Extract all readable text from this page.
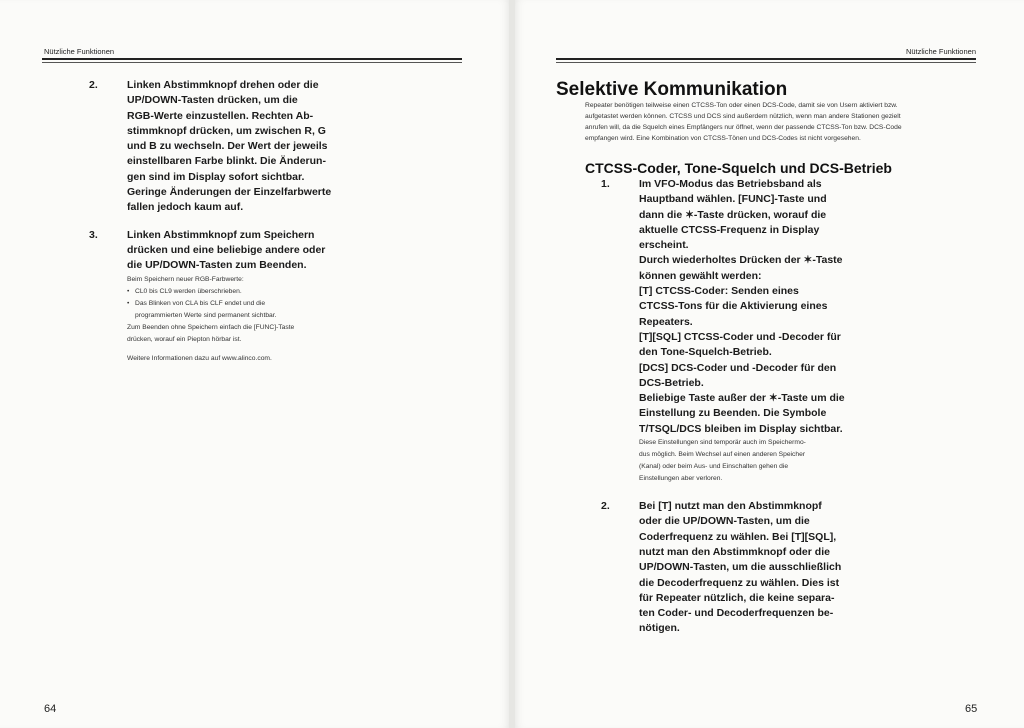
Nützliche Funktionen
2.	Linken Abstimmknopf drehen oder die
UP/DOWN-Tasten drücken, um die
RGB-Werte einzustellen. Rechten Ab-
stimmknopf drücken, um zwischen R, G
und B zu wechseln. Der Wert der jeweils
einstellbaren Farbe blinkt. Die Änderun-
gen sind im Display sofort sichtbar.
Geringe Änderungen der Einzelfarbwerte
fallen jedoch kaum auf.
3.	Linken Abstimmknopf zum Speichern
drücken und eine beliebige andere oder
die UP/DOWN-Tasten zum Beenden.
Beim Speichern neuer RGB-Farbwerte:
• CL0 bis CL9 werden überschrieben.
• Das Blinken von CLA bis CLF endet und die
programmierten Werte sind permanent sichtbar.
Zum Beenden ohne Speichern einfach die [FUNC]-Taste
drücken, worauf ein Piepton hörbar ist.
Weitere Informationen dazu auf www.alinco.com.
64
Nützliche Funktionen
Selektive Kommunikation
Repeater benötigen teilweise einen CTCSS-Ton oder einen DCS-Code, damit sie von Usern aktiviert bzw.
aufgetastet werden können. CTCSS und DCS sind außerdem nützlich, wenn man andere Stationen gezielt
anrufen will, da die Squelch eines Empfängers nur öffnet, wenn der passende CTCSS-Ton bzw. DCS-Code
empfangen wird. Eine Kombination von CTCSS-Tönen und DCS-Codes ist nicht vorgesehen.
CTCSS-Coder, Tone-Squelch und DCS-Betrieb
1.	Im VFO-Modus das Betriebsband als
Hauptband wählen. [FUNC]-Taste und
dann die ✶-Taste drücken, worauf die
aktuelle CTCSS-Frequenz in Display
erscheint.
Durch wiederholtes Drücken der ✶-Taste
können gewählt werden:
[T] CTCSS-Coder: Senden eines
CTCSS-Tons für die Aktivierung eines
Repeaters.
[T][SQL] CTCSS-Coder und -Decoder für
den Tone-Squelch-Betrieb.
[DCS] DCS-Coder und -Decoder für den
DCS-Betrieb.
Beliebige Taste außer der ✶-Taste um die
Einstellung zu Beenden. Die Symbole
T/TSQL/DCS bleiben im Display sichtbar.
Diese Einstellungen sind temporär auch im Speichermo-
dus möglich. Beim Wechsel auf einen anderen Speicher
(Kanal) oder beim Aus- und Einschalten gehen die
Einstellungen aber verloren.
2.	Bei [T] nutzt man den Abstimmknopf
oder die UP/DOWN-Tasten, um die
Coderfrequenz zu wählen. Bei [T][SQL],
nutzt man den Abstimmknopf oder die
UP/DOWN-Tasten, um die ausschließlich
die Decoderfrequenz zu wählen. Dies ist
für Repeater nützlich, die keine separa-
ten Coder- und Decoderfrequenzen be-
nötigen.
65
